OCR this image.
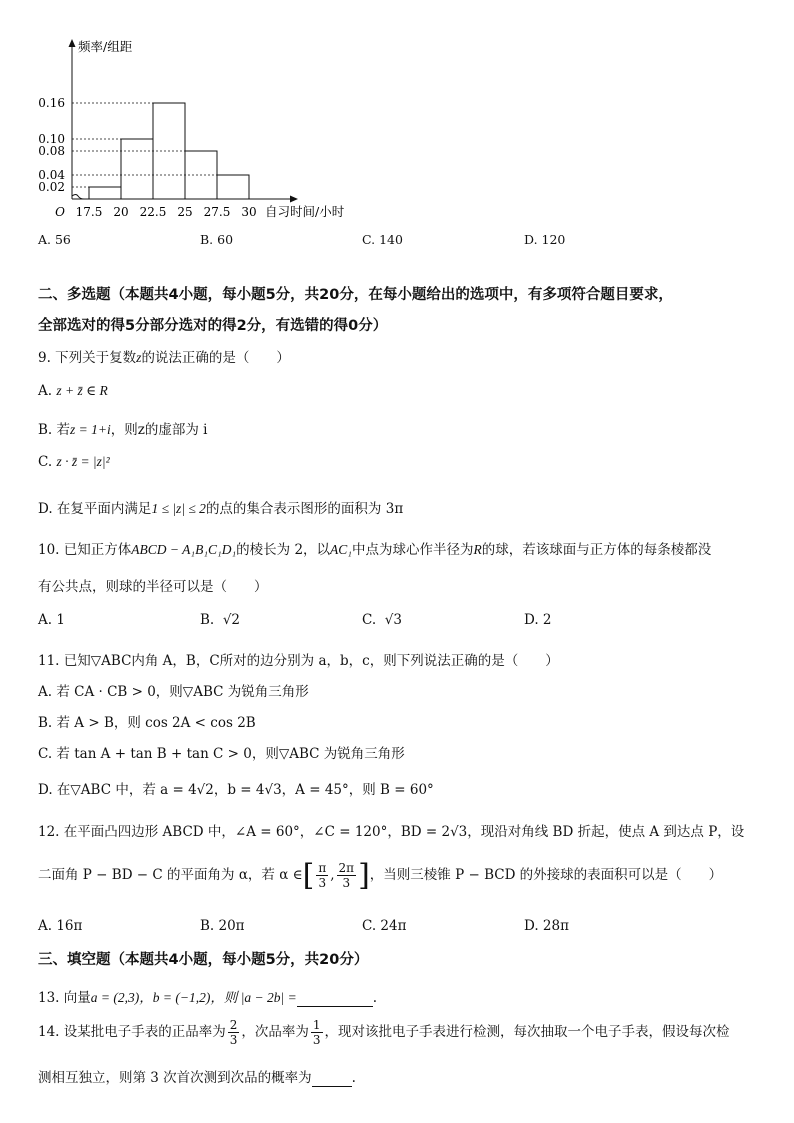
0.16
0.10
0.08
0.04
0.02
17.5 20 22.5 25 27.5 30
O
频率/组距
自习时间/小时
A. 56	B. 60	C. 140	D. 120
二、多选题（本题共4小题，每小题5分，共20分，在每小题给出的选项中，有多项符合题目要求，
全部选对的得5分部分选对的得2分，有选错的得0分）
9. 下列关于复数z的说法正确的是（　　）
A. z + z̄ ∈ R
B. 若z = 1+i，则z的虚部为 i
C. z · z̄ = |z|²
D. 在复平面内满足1 ≤ |z| ≤ 2的点的集合表示图形的面积为 3π
10. 已知正方体ABCD − A₁B₁C₁D₁的棱长为 2，以AC₁中点为球心作半径为R的球，若该球面与正方体的每条棱都没
有公共点，则球的半径可以是（　　）
A. 1	B. √2	C. √3	D. 2
11. 已知▽ABC内角 A，B，C所对的边分别为 a，b，c，则下列说法正确的是（　　）
A. 若 CA · CB > 0，则▽ABC 为锐角三角形
B. 若 A > B，则 cos 2A < cos 2B
C. 若 tan A + tan B + tan C > 0，则▽ABC 为锐角三角形
D. 在▽ABC 中，若 a = 4√2，b = 4√3，A = 45°，则 B = 60°
12. 在平面凸四边形 ABCD 中，∠A = 60°，∠C = 120°，BD = 2√3，现沿对角线 BD 折起，使点 A 到达点 P，设
二面角 P − BD − C 的平面角为 α，若 α ∈[ $\frac{\pi}{3}$ , $\frac{2\pi}{3}$ ]，当则三棱锥 P − BCD 的外接球的表面积可以是（　　）
A. 16π	B. 20π	C. 24π	D. 28π
三、填空题（本题共4小题，每小题5分，共20分）
13. 向量a = (2,3)，b = (−1,2)，则 |a − 2b| =	.
14. 设某批电子手表的正品率为 $\frac{2}{3}$ ，次品率为 $\frac{1}{3}$ ，现对该批电子手表进行检测，每次抽取一个电子手表，假设每次检
测相互独立，则第 3 次首次测到次品的概率为	.
